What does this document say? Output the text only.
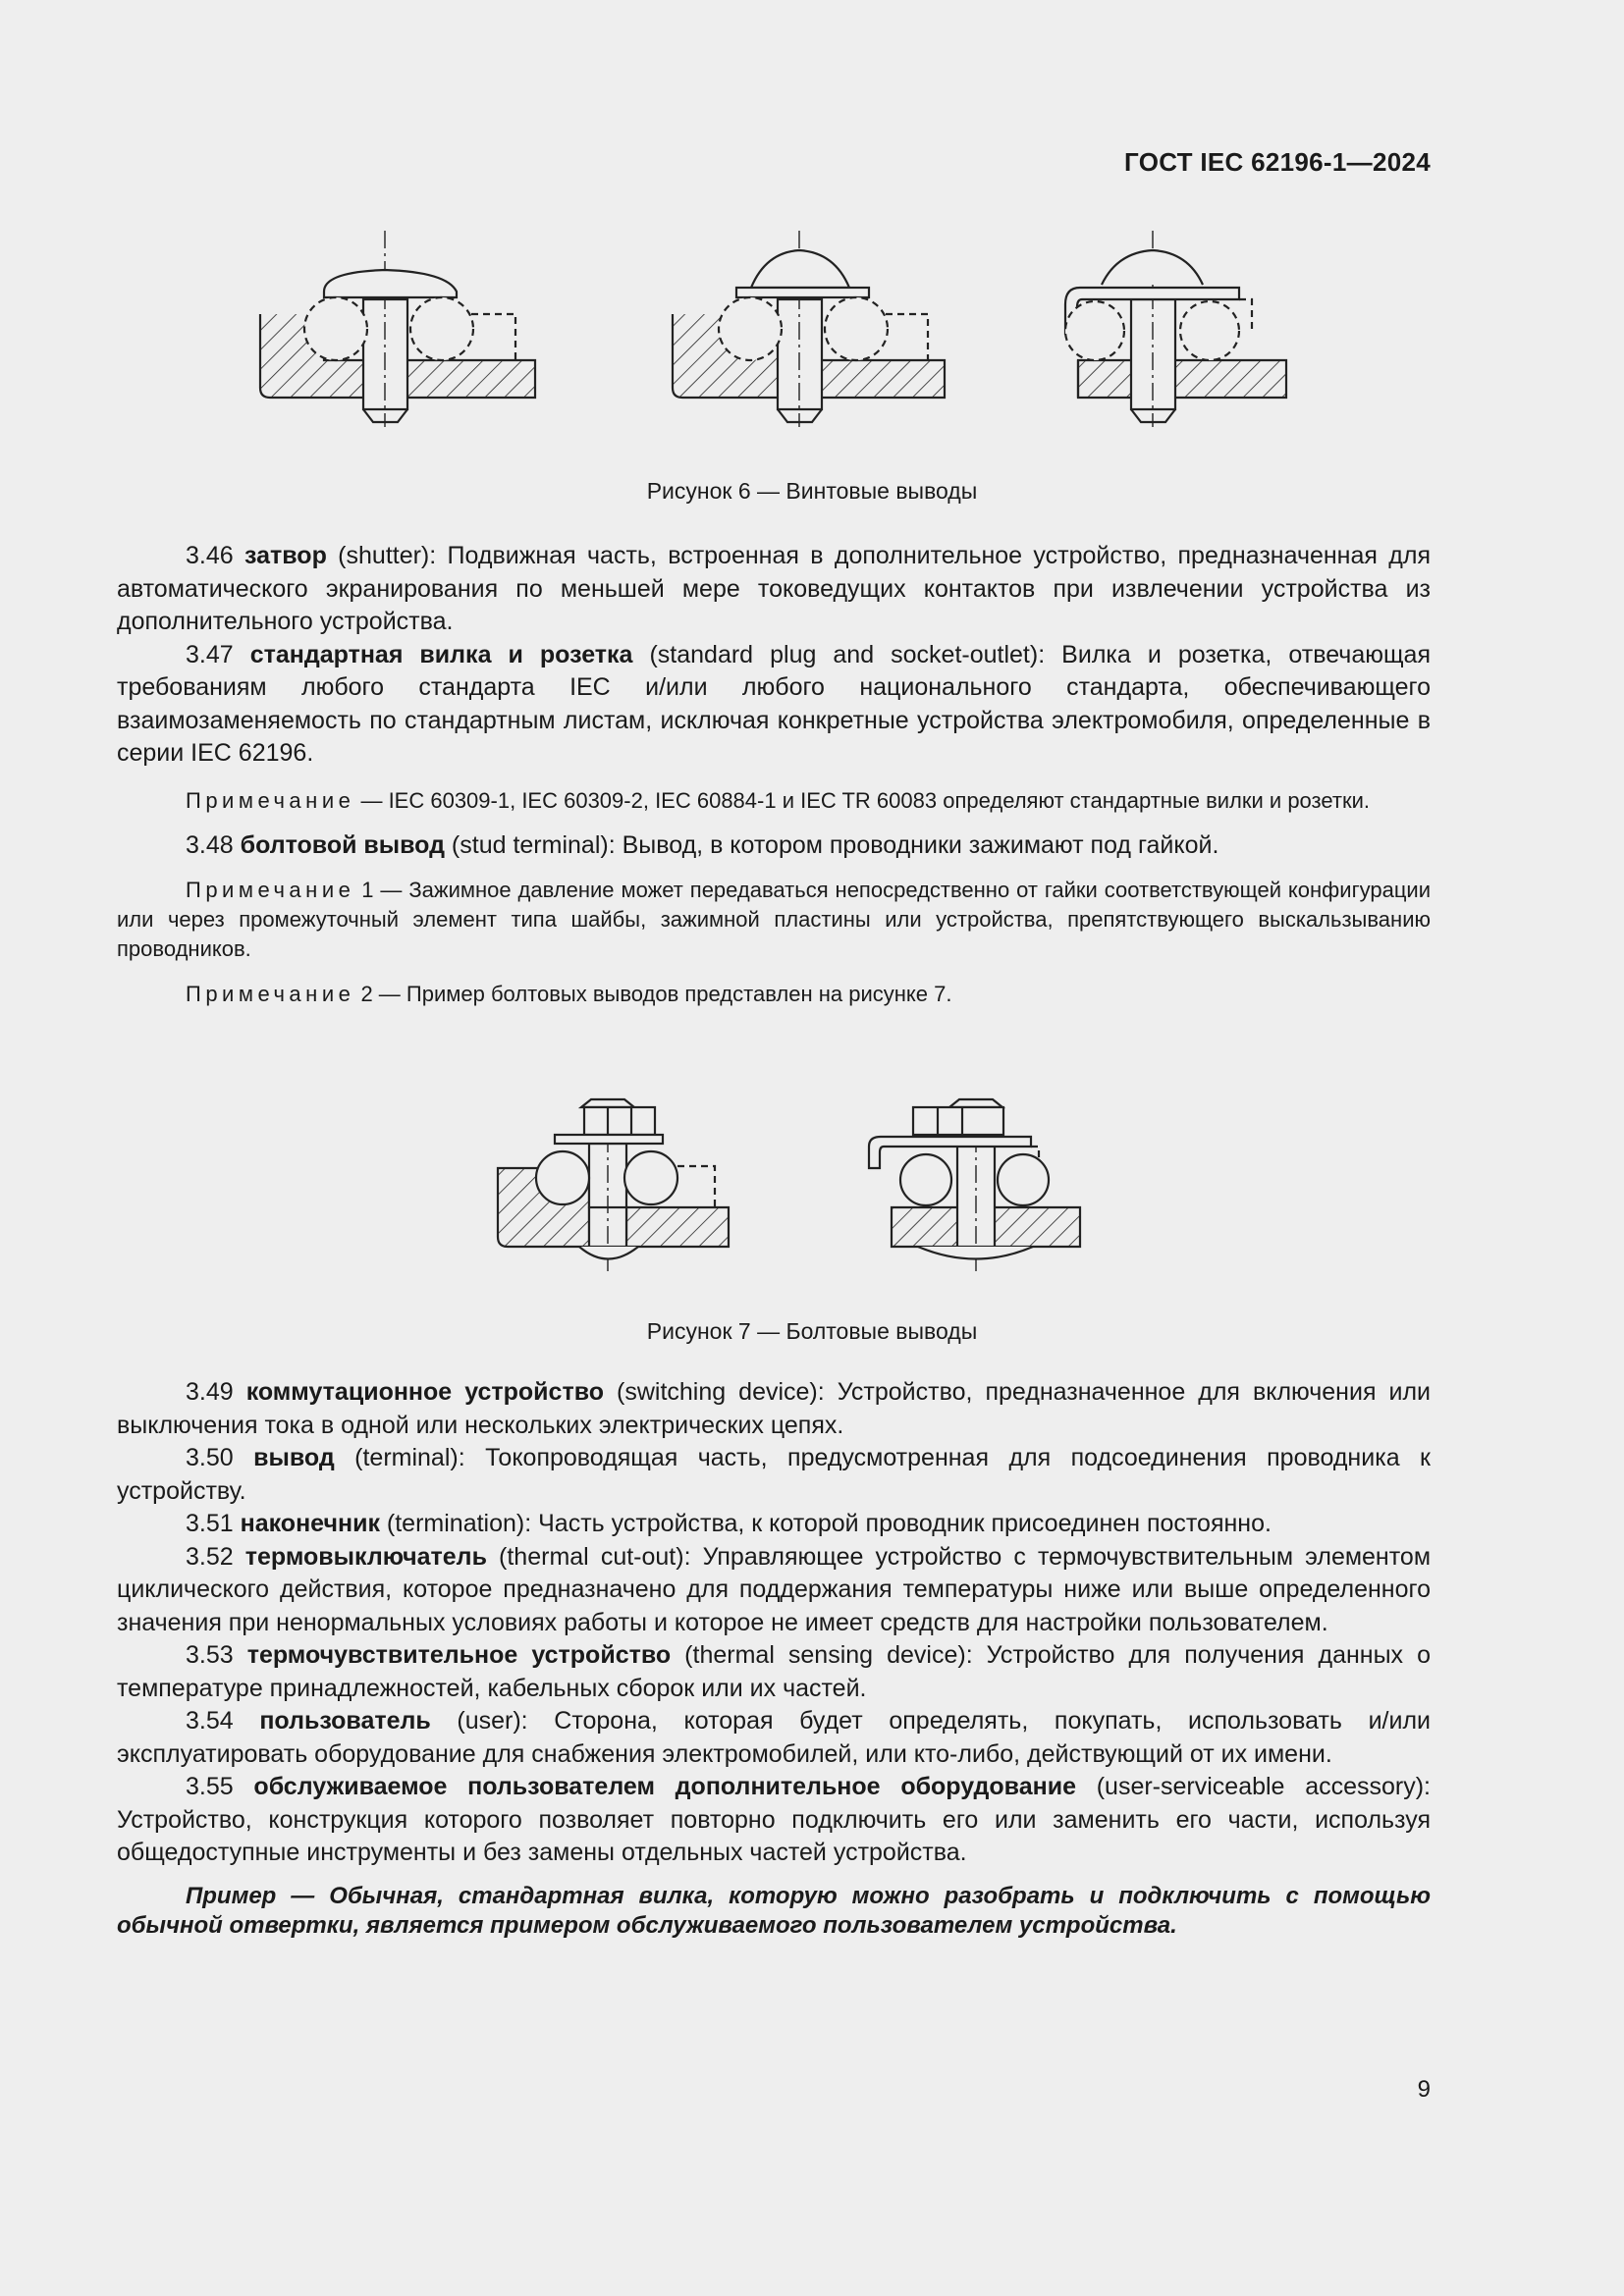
ГОСТ IEC 62196-1—2024
Рисунок 6 — Винтовые выводы

3.46 затвор (shutter): Подвижная часть, встроенная в дополнительное устройство, предназначенная для автоматического экранирования по меньшей мере токоведущих контактов при извлечении устройства из дополнительного устройства.

3.47 стандартная вилка и розетка (standard plug and socket-outlet): Вилка и розетка, отвечающая требованиям любого стандарта IEC и/или любого национального стандарта, обеспечивающего взаимозаменяемость по стандартным листам, исключая конкретные устройства электромобиля, определенные в серии IEC 62196.

Примечание — IEC 60309-1, IEC 60309-2, IEC 60884-1 и IEC TR 60083 определяют стандартные вилки и розетки.

3.48 болтовой вывод (stud terminal): Вывод, в котором проводники зажимают под гайкой.

Примечание 1 — Зажимное давление может передаваться непосредственно от гайки соответствующей конфигурации или через промежуточный элемент типа шайбы, зажимной пластины или устройства, препятствующего выскальзыванию проводников.

Примечание 2 — Пример болтовых выводов представлен на рисунке 7.

Рисунок 7 — Болтовые выводы

3.49 коммутационное устройство (switching device): Устройство, предназначенное для включения или выключения тока в одной или нескольких электрических цепях.

3.50 вывод (terminal): Токопроводящая часть, предусмотренная для подсоединения проводника к устройству.

3.51 наконечник (termination): Часть устройства, к которой проводник присоединен постоянно.

3.52 термовыключатель (thermal cut-out): Управляющее устройство с термочувствительным элементом циклического действия, которое предназначено для поддержания температуры ниже или выше определенного значения при ненормальных условиях работы и которое не имеет средств для настройки пользователем.

3.53 термочувствительное устройство (thermal sensing device): Устройство для получения данных о температуре принадлежностей, кабельных сборок или их частей.

3.54 пользователь (user): Сторона, которая будет определять, покупать, использовать и/или эксплуатировать оборудование для снабжения электромобилей, или кто-либо, действующий от их имени.

3.55 обслуживаемое пользователем дополнительное оборудование (user-serviceable accessory): Устройство, конструкция которого позволяет повторно подключить его или заменить его части, используя общедоступные инструменты и без замены отдельных частей устройства.

Пример — Обычная, стандартная вилка, которую можно разобрать и подключить с помощью обычной отвертки, является примером обслуживаемого пользователем устройства.

9
